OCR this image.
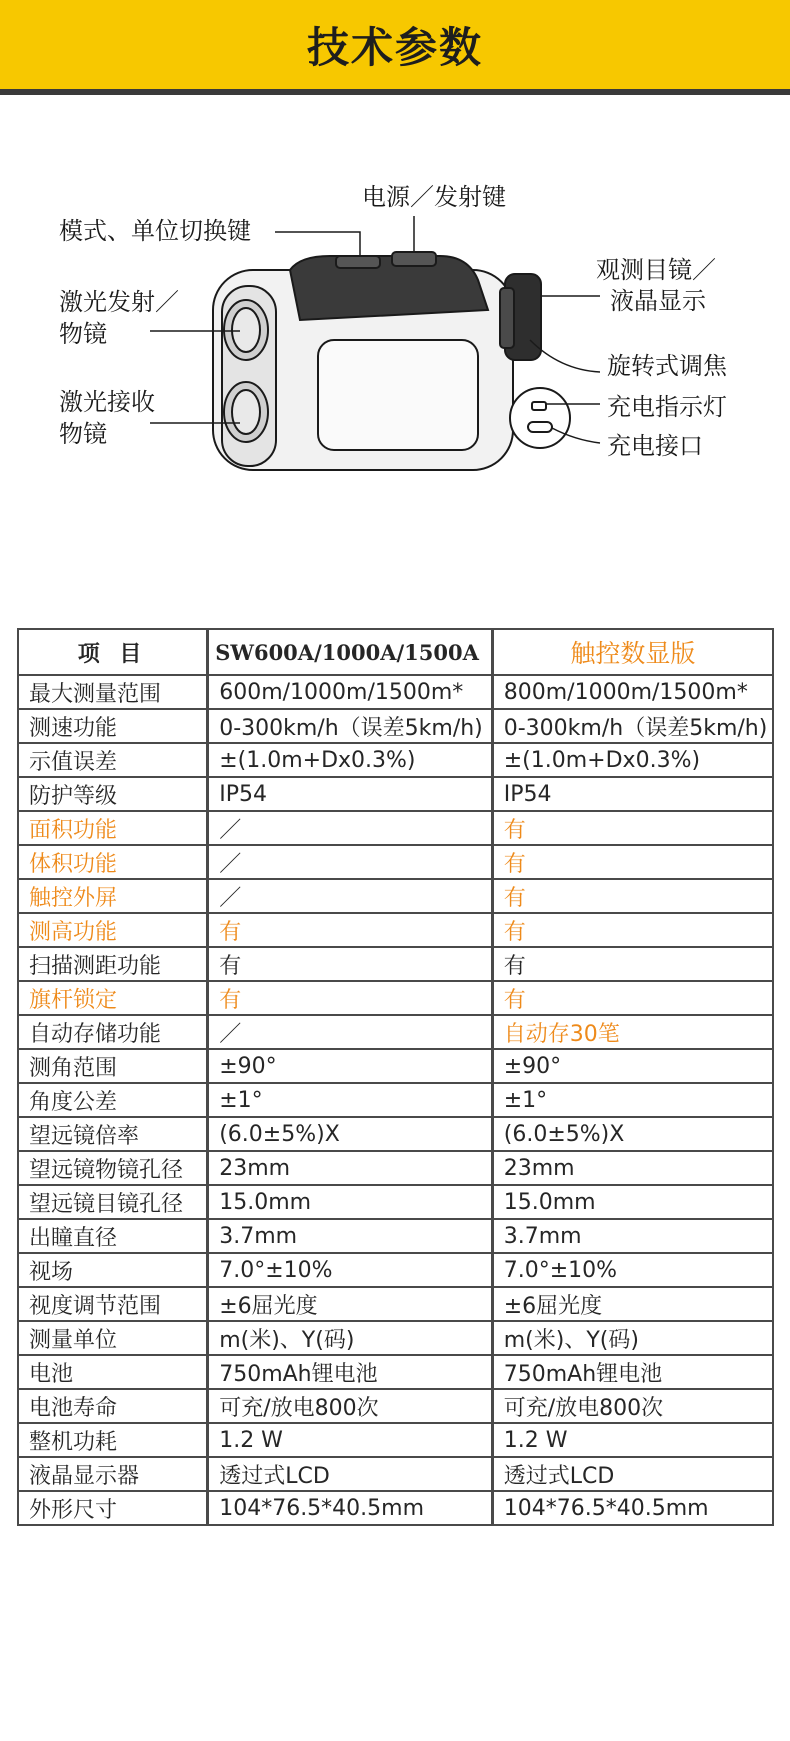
技术参数
电源／发射键
模式、单位切换键
激光发射／
物镜
激光接收
物镜
观测目镜／
液晶显示
旋转式调焦
充电指示灯
充电接口
项 目	SW600A/1000A/1500A	触控数显版
最大测量范围	600m/1000m/1500m*	800m/1000m/1500m*
测速功能	0-300km/h（误差5km/h)	0-300km/h（误差5km/h)
示值误差	±(1.0m+Dx0.3%)	±(1.0m+Dx0.3%)
防护等级	IP54	IP54
面积功能	／	有
体积功能	／	有
触控外屏	／	有
测高功能	有	有
扫描测距功能	有	有
旗杆锁定	有	有
自动存储功能	／	自动存30笔
测角范围	±90°	±90°
角度公差	±1°	±1°
望远镜倍率	(6.0±5%)X	(6.0±5%)X
望远镜物镜孔径	23mm	23mm
望远镜目镜孔径	15.0mm	15.0mm
出瞳直径	3.7mm	3.7mm
视场	7.0°±10%	7.0°±10%
视度调节范围	±6屈光度	±6屈光度
测量单位	m(米)、Y(码)	m(米)、Y(码)
电池	750mAh锂电池	750mAh锂电池
电池寿命	可充/放电800次	可充/放电800次
整机功耗	1.2 W	1.2 W
液晶显示器	透过式LCD	透过式LCD
外形尺寸	104*76.5*40.5mm	104*76.5*40.5mm
